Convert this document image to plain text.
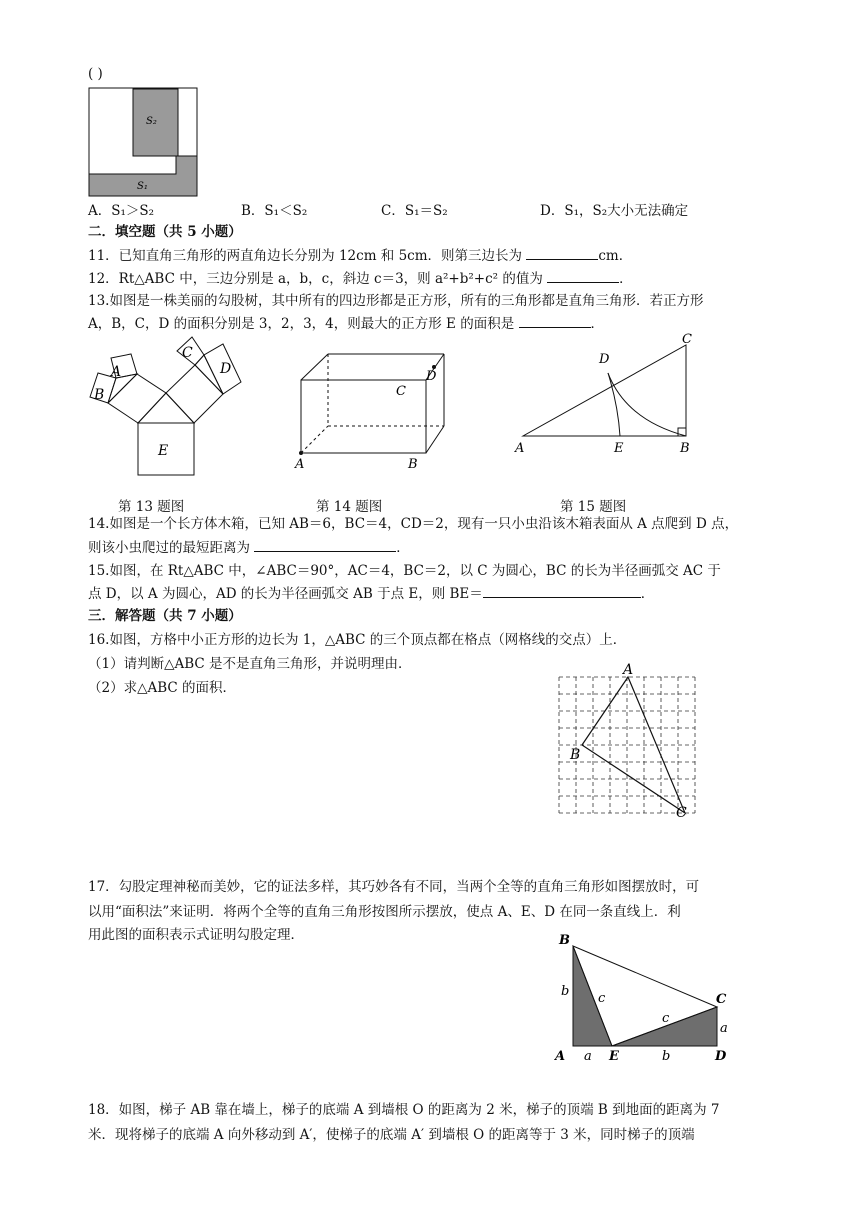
( )
S₂
S₁
A．S₁＞S₂	B．S₁＜S₂	C．S₁＝S₂	D．S₁，S₂大小无法确定
二．填空题（共 5 小题）
11．已知直角三角形的两直角边长分别为 12cm 和 5cm．则第三边长为	cm．
12．Rt△ABC 中，三边分别是 a，b，c，斜边 c＝3，则 a²+b²+c² 的值为	．
13.如图是一株美丽的勾股树，其中所有的四边形都是正方形，所有的三角形都是直角三角形．若正方形
A，B，C，D 的面积分别是 3，2，3，4，则最大的正方形 E 的面积是	．
A
B
C
D
E
第 13 题图
A	B
C
D
第 14 题图
A	B
C
D
E
第 15 题图
14.如图是一个长方体木箱，已知 AB＝6，BC＝4，CD＝2，现有一只小虫沿该木箱表面从 A 点爬到 D 点，
则该小虫爬过的最短距离为	．
15.如图，在 Rt△ABC 中，∠ABC＝90°，AC＝4，BC＝2，以 C 为圆心，BC 的长为半径画弧交 AC 于
点 D，以 A 为圆心，AD 的长为半径画弧交 AB 于点 E，则 BE＝	．
三．解答题（共 7 小题）
16.如图，方格中小正方形的边长为 1，△ABC 的三个顶点都在格点（网格线的交点）上．
（1）请判断△ABC 是不是直角三角形，并说明理由．
（2）求△ABC 的面积．
A
B
C
17．勾股定理神秘而美妙，它的证法多样，其巧妙各有不同，当两个全等的直角三角形如图摆放时，可
以用“面积法”来证明．将两个全等的直角三角形按图所示摆放，使点 A、E、D 在同一条直线上．利
用此图的面积表示式证明勾股定理．	B
b c	C
c
a
A a E	b	D
18．如图，梯子 AB 靠在墙上，梯子的底端 A 到墙根 O 的距离为 2 米，梯子的顶端 B 到地面的距离为 7
米．现将梯子的底端 A 向外移动到 A′，使梯子的底端 A′ 到墙根 O 的距离等于 3 米，同时梯子的顶端
